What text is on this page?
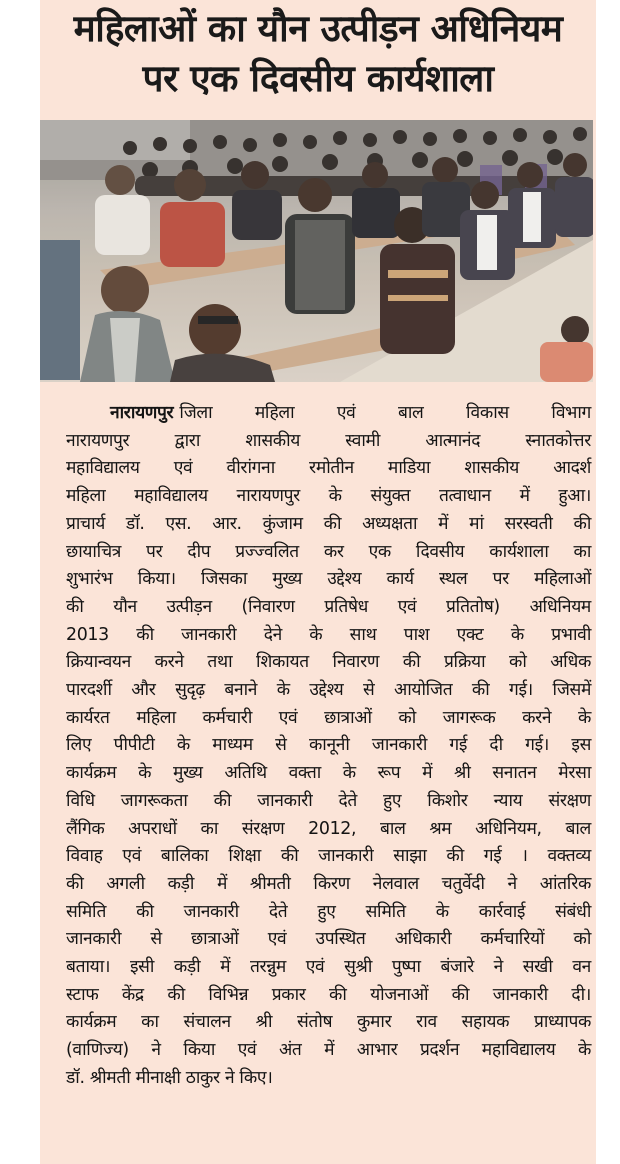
महिलाओं का यौन उत्पीड़न अधिनियम
पर एक दिवसीय कार्यशाला
नारायणपुर जिला महिला एवं बाल विकास विभाग
नारायणपुर द्वारा शासकीय स्वामी आत्मानंद स्नातकोत्तर
महाविद्यालय एवं वीरांगना रमोतीन माडिया शासकीय आदर्श
महिला महाविद्यालय नारायणपुर के संयुक्त तत्वाधान में हुआ।
प्राचार्य डॉ. एस. आर. कुंजाम की अध्यक्षता में मां सरस्वती की
छायाचित्र पर दीप प्रज्ज्वलित कर एक दिवसीय कार्यशाला का
शुभारंभ किया। जिसका मुख्य उद्देश्य कार्य स्थल पर महिलाओं
की यौन उत्पीड़न (निवारण प्रतिषेध एवं प्रतितोष) अधिनियम
2013 की जानकारी देने के साथ पाश एक्ट के प्रभावी
क्रियान्वयन करने तथा शिकायत निवारण की प्रक्रिया को अधिक
पारदर्शी और सुदृढ़ बनाने के उद्देश्य से आयोजित की गई। जिसमें
कार्यरत महिला कर्मचारी एवं छात्राओं को जागरूक करने के
लिए पीपीटी के माध्यम से कानूनी जानकारी गई दी गई। इस
कार्यक्रम के मुख्य अतिथि वक्ता के रूप में श्री सनातन मेरसा
विधि जागरूकता की जानकारी देते हुए किशोर न्याय संरक्षण
लैंगिक अपराधों का संरक्षण 2012, बाल श्रम अधिनियम, बाल
विवाह एवं बालिका शिक्षा की जानकारी साझा की गई । वक्तव्य
की अगली कड़ी में श्रीमती किरण नेलवाल चतुर्वेदी ने आंतरिक
समिति की जानकारी देते हुए समिति के कार्रवाई संबंधी
जानकारी से छात्राओं एवं उपस्थित अधिकारी कर्मचारियों को
बताया। इसी कड़ी में तरन्नुम एवं सुश्री पुष्पा बंजारे ने सखी वन
स्टाफ केंद्र की विभिन्न प्रकार की योजनाओं की जानकारी दी।
कार्यक्रम का संचालन श्री संतोष कुमार राव सहायक प्राध्यापक
(वाणिज्य) ने किया एवं अंत में आभार प्रदर्शन महाविद्यालय के
डॉ. श्रीमती मीनाक्षी ठाकुर ने किए।
